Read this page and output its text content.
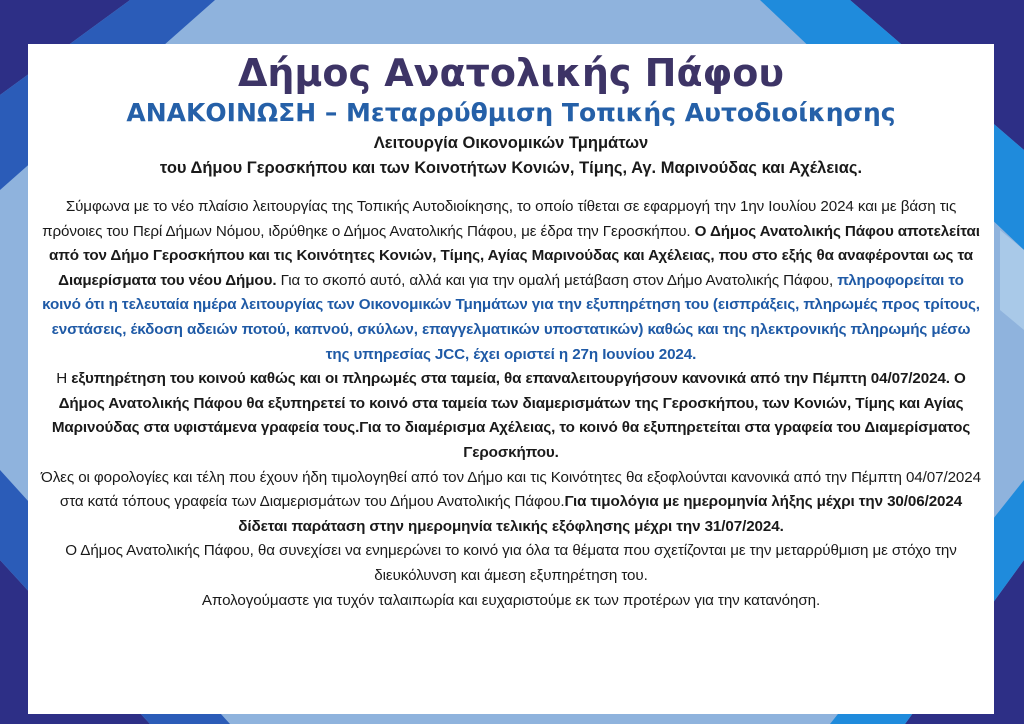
Δήμος Ανατολικής Πάφου
ΑΝΑΚΟΙΝΩΣΗ – Μεταρρύθμιση Τοπικής Αυτοδιοίκησης

Λειτουργία Οικονομικών Τμημάτων

του Δήμου Γεροσκήπου και των Κοινοτήτων Κονιών, Τίμης, Αγ. Μαρινούδας και Αχέλειας.

Σύμφωνα με το νέο πλαίσιο λειτουργίας της Τοπικής Αυτοδιοίκησης, το οποίο τίθεται σε εφαρμογή την 1ην Ιουλίου 2024 και με βάση τις πρόνοιες του Περί Δήμων Νόμου, ιδρύθηκε ο Δήμος Ανατολικής Πάφου, με έδρα την Γεροσκήπου. Ο Δήμος Ανατολικής Πάφου αποτελείται από τον Δήμο Γεροσκήπου και τις Κοινότητες Κονιών, Τίμης, Αγίας Μαρινούδας και Αχέλειας, που στο εξής θα αναφέρονται ως τα Διαμερίσματα του νέου Δήμου. Για το σκοπό αυτό, αλλά και για την ομαλή μετάβαση στον Δήμο Ανατολικής Πάφου, πληροφορείται το κοινό ότι η τελευταία ημέρα λειτουργίας των Οικονομικών Τμημάτων για την εξυπηρέτηση του (εισπράξεις, πληρωμές προς τρίτους, ενστάσεις, έκδοση αδειών ποτού, καπνού, σκύλων, επαγγελματικών υποστατικών) καθώς και της ηλεκτρονικής πληρωμής μέσω της υπηρεσίας JCC, έχει οριστεί η 27η Ιουνίου 2024.

Η εξυπηρέτηση του κοινού καθώς και οι πληρωμές στα ταμεία, θα επαναλειτουργήσουν κανονικά από την Πέμπτη 04/07/2024. Ο Δήμος Ανατολικής Πάφου θα εξυπηρετεί το κοινό στα ταμεία των διαμερισμάτων της Γεροσκήπου, των Κονιών, Τίμης και Αγίας Μαρινούδας στα υφιστάμενα γραφεία τους.Για το διαμέρισμα Αχέλειας, το κοινό θα εξυπηρετείται στα γραφεία του Διαμερίσματος Γεροσκήπου.

Όλες οι φορολογίες και τέλη που έχουν ήδη τιμολογηθεί από τον Δήμο και τις Κοινότητες θα εξοφλούνται κανονικά από την Πέμπτη 04/07/2024 στα κατά τόπους γραφεία των Διαμερισμάτων του Δήμου Ανατολικής Πάφου.Για τιμολόγια με ημερομηνία λήξης μέχρι την 30/06/2024 δίδεται παράταση στην ημερομηνία τελικής εξόφλησης μέχρι την 31/07/2024.

Ο Δήμος Ανατολικής Πάφου, θα συνεχίσει να ενημερώνει το κοινό για όλα τα θέματα που σχετίζονται με την μεταρρύθμιση με στόχο την διευκόλυνση και άμεση εξυπηρέτηση του.

Απολογούμαστε για τυχόν ταλαιπωρία και ευχαριστούμε εκ των προτέρων για την κατανόηση.
